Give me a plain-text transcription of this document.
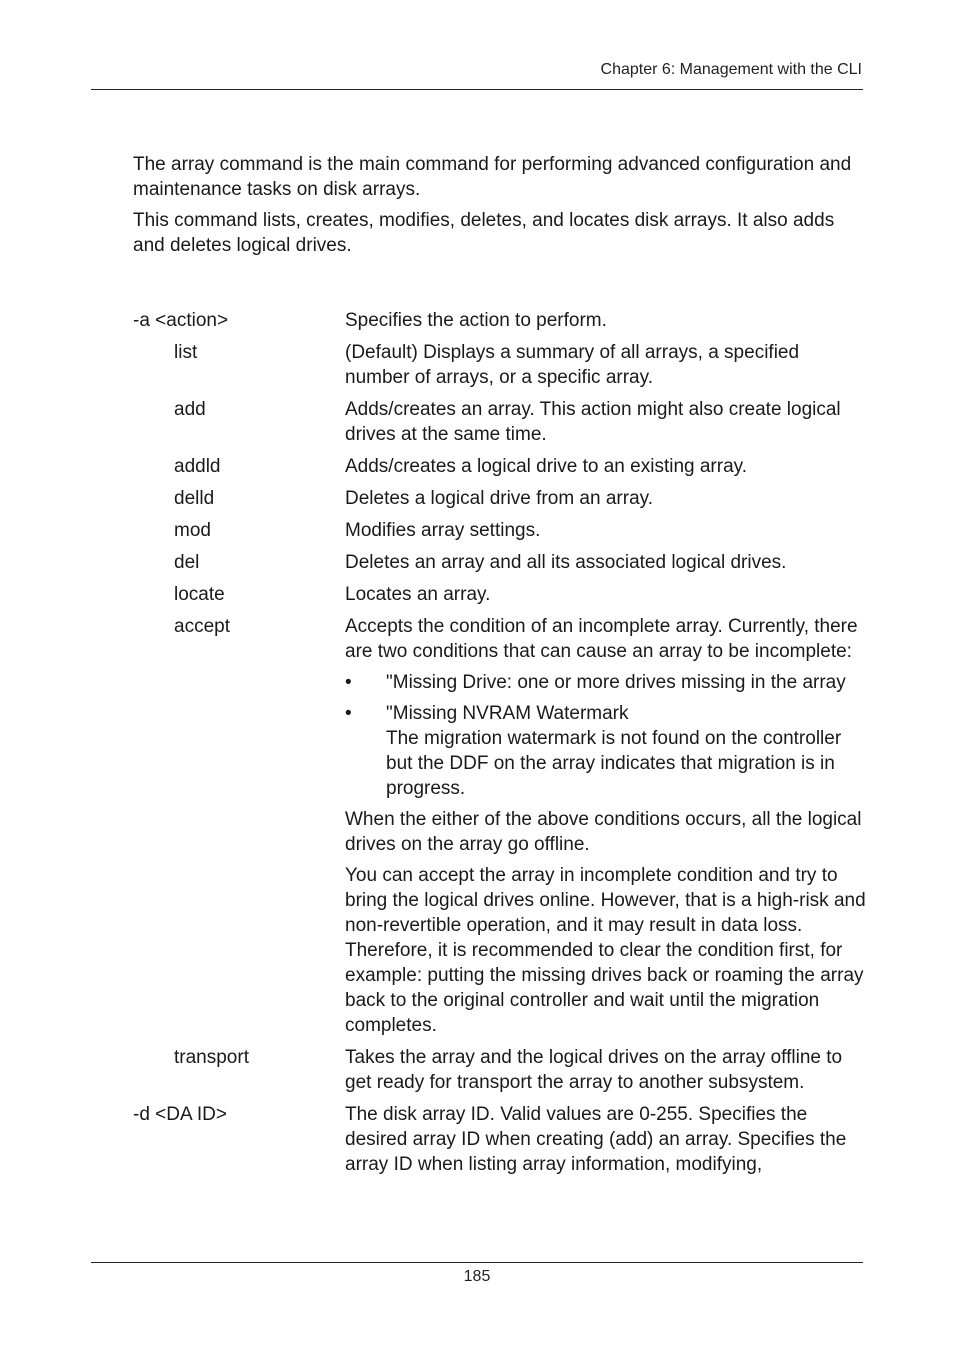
Chapter 6: Management with the CLI

The array command is the main command for performing advanced configuration and maintenance tasks on disk arrays.

This command lists, creates, modifies, deletes, and locates disk arrays. It also adds and deletes logical drives.

-a <action>	Specifies the action to perform.
list	(Default) Displays a summary of all arrays, a specified number of arrays, or a specific array.
add	Adds/creates an array. This action might also create logical drives at the same time.
addld	Adds/creates a logical drive to an existing array.
delld	Deletes a logical drive from an array.
mod	Modifies array settings.
del	Deletes an array and all its associated logical drives.
locate	Locates an array.
accept	Accepts the condition of an incomplete array. Currently, there are two conditions that can cause an array to be incomplete:

•	"Missing Drive: one or more drives missing in the array
•	"Missing NVRAM Watermark
The migration watermark is not found on the controller but the DDF on the array indicates that migration is in progress.

When the either of the above conditions occurs, all the logical drives on the array go offline.

You can accept the array in incomplete condition and try to bring the logical drives online. However, that is a high-risk and non-revertible operation, and it may result in data loss. Therefore, it is recommended to clear the condition first, for example: putting the missing drives back or roaming the array back to the original controller and wait until the migration completes.

transport	Takes the array and the logical drives on the array offline to get ready for transport the array to another subsystem.
-d <DA ID>	The disk array ID. Valid values are 0-255. Specifies the desired array ID when creating (add) an array. Specifies the array ID when listing array information, modifying,
185
